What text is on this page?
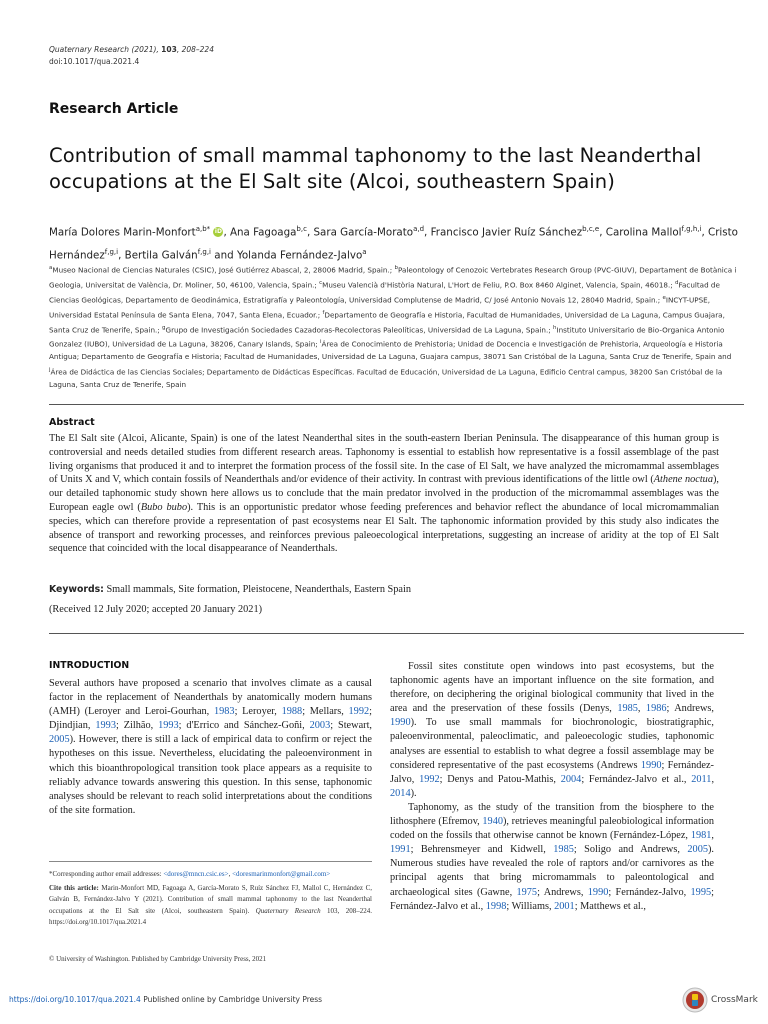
Quaternary Research (2021), 103, 208–224
doi:10.1017/qua.2021.4
Research Article
Contribution of small mammal taphonomy to the last Neanderthal occupations at the El Salt site (Alcoi, southeastern Spain)
María Dolores Marin-Monfort$^{a,b*}$ iD, Ana Fagoaga$^{b,c}$, Sara García-Morato$^{a,d}$, Francisco Javier Ruíz Sánchez$^{b,c,e}$, Carolina Mallol$^{f,g,h,i}$, Cristo Hernández$^{f,g,i}$, Bertila Galván$^{f,g,i}$ and Yolanda Fernández-Jalvo$^a$
$^a$Museo Nacional de Ciencias Naturales (CSIC), José Gutiérrez Abascal, 2, 28006 Madrid, Spain.; $^b$Paleontology of Cenozoic Vertebrates Research Group (PVC-GIUV), Departament de Botànica i Geologia, Universitat de València, Dr. Moliner, 50, 46100, Valencia, Spain.; $^c$Museu Valencià d'Història Natural, L'Hort de Feliu, P.O. Box 8460 Alginet, Valencia, Spain, 46018.; $^d$Facultad de Ciencias Geológicas, Departamento de Geodinámica, Estratigrafía y Paleontología, Universidad Complutense de Madrid, C/ José Antonio Novais 12, 28040 Madrid, Spain.; $^e$INCYT-UPSE, Universidad Estatal Península de Santa Elena, 7047, Santa Elena, Ecuador.; $^f$Departamento de Geografía e Historia, Facultad de Humanidades, Universidad de La Laguna, Campus Guajara, Santa Cruz de Tenerife, Spain.; $^g$Grupo de Investigación Sociedades Cazadoras-Recolectoras Paleolíticas, Universidad de La Laguna, Spain.; $^h$Instituto Universitario de Bio-Organica Antonio Gonzalez (IUBO), Universidad de La Laguna, 38206, Canary Islands, Spain; $^i$Área de Conocimiento de Prehistoria; Unidad de Docencia e Investigación de Prehistoria, Arqueología e Historia Antigua; Departamento de Geografía e Historia; Facultad de Humanidades, Universidad de La Laguna, Guajara campus, 38071 San Cristóbal de la Laguna, Santa Cruz de Tenerife, Spain and $^j$Área de Didáctica de las Ciencias Sociales; Departamento de Didácticas Específicas. Facultad de Educación, Universidad de La Laguna, Edificio Central campus, 38200 San Cristóbal de la Laguna, Santa Cruz de Tenerife, Spain
Abstract
The El Salt site (Alcoi, Alicante, Spain) is one of the latest Neanderthal sites in the south-eastern Iberian Peninsula. The disappearance of this human group is controversial and needs detailed studies from different research areas. Taphonomy is essential to establish how representative is a fossil assemblage of the past living organisms that produced it and to interpret the formation process of the fossil site. In the case of El Salt, we have analyzed the micromammal assemblages of Units X and V, which contain fossils of Neanderthals and/or evidence of their activity. In contrast with previous identifications of the little owl (Athene noctua), our detailed taphonomic study shown here allows us to conclude that the main predator involved in the production of the micromammal assemblages was the European eagle owl (Bubo bubo). This is an opportunistic predator whose feeding preferences and behavior reflect the abundance of local micromammalian species, which can therefore provide a representation of past ecosystems near El Salt. The taphonomic information provided by this study also indicates the absence of transport and reworking processes, and reinforces previous paleoecological interpretations, suggesting an increase of aridity at the top of El Salt sequence that coincided with the local disappearance of Neanderthals.
Keywords: Small mammals, Site formation, Pleistocene, Neanderthals, Eastern Spain
(Received 12 July 2020; accepted 20 January 2021)
INTRODUCTION

Several authors have proposed a scenario that involves climate as a causal factor in the replacement of Neanderthals by anatomically modern humans (AMH) (Leroyer and Leroi-Gourhan, 1983; Leroyer, 1988; Mellars, 1992; Djindjian, 1993; Zilhão, 1993; d'Errico and Sánchez-Goñi, 2003; Stewart, 2005). However, there is still a lack of empirical data to confirm or reject the hypotheses on this issue. Nevertheless, elucidating the paleoenvironment in which this bioanthropological transition took place appears as a requisite to reliably advance towards answering this question. In this sense, taphonomic analyses should be relevant to reach solid interpretations about the conditions of the site formation.

Fossil sites constitute open windows into past ecosystems, but the taphonomic agents have an important influence on the site formation, and therefore, on deciphering the original biological community that lived in the area and the preservation of these fossils (Denys, 1985, 1986; Andrews, 1990). To use small mammals for biochronologic, biostratigraphic, paleoenvironmental, paleoclimatic, and paleoecologic studies, taphonomic analyses are essential to establish to what degree a fossil assemblage may be considered representative of the past ecosystems (Andrews 1990; Fernández-Jalvo, 1992; Denys and Patou-Mathis, 2004; Fernández-Jalvo et al., 2011, 2014).

Taphonomy, as the study of the transition from the biosphere to the lithosphere (Efremov, 1940), retrieves meaningful paleobiological information coded on the fossils that otherwise cannot be known (Fernández-López, 1981, 1991; Behrensmeyer and Kidwell, 1985; Soligo and Andrews, 2005). Numerous studies have revealed the role of raptors and/or carnivores as the principal agents that bring micromammals to paleontological and archaeological sites (Gawne, 1975; Andrews, 1990; Fernández-Jalvo, 1995; Fernández-Jalvo et al., 1998; Williams, 2001; Matthews et al.,

*Corresponding author email addresses: <dores@mncn.csic.es>, <doresmarinmonfort@gmail.com>

Cite this article: Marin-Monfort MD, Fagoaga A, García-Morato S, Ruíz Sánchez FJ, Mallol C, Hernández C, Galván B, Fernández-Jalvo Y (2021). Contribution of small mammal taphonomy to the last Neanderthal occupations at the El Salt site (Alcoi, southeastern Spain). Quaternary Research 103, 208–224. https://doi.org/10.1017/qua.2021.4

© University of Washington. Published by Cambridge University Press, 2021
https://doi.org/10.1017/qua.2021.4 Published online by Cambridge University Press	CrossMark
